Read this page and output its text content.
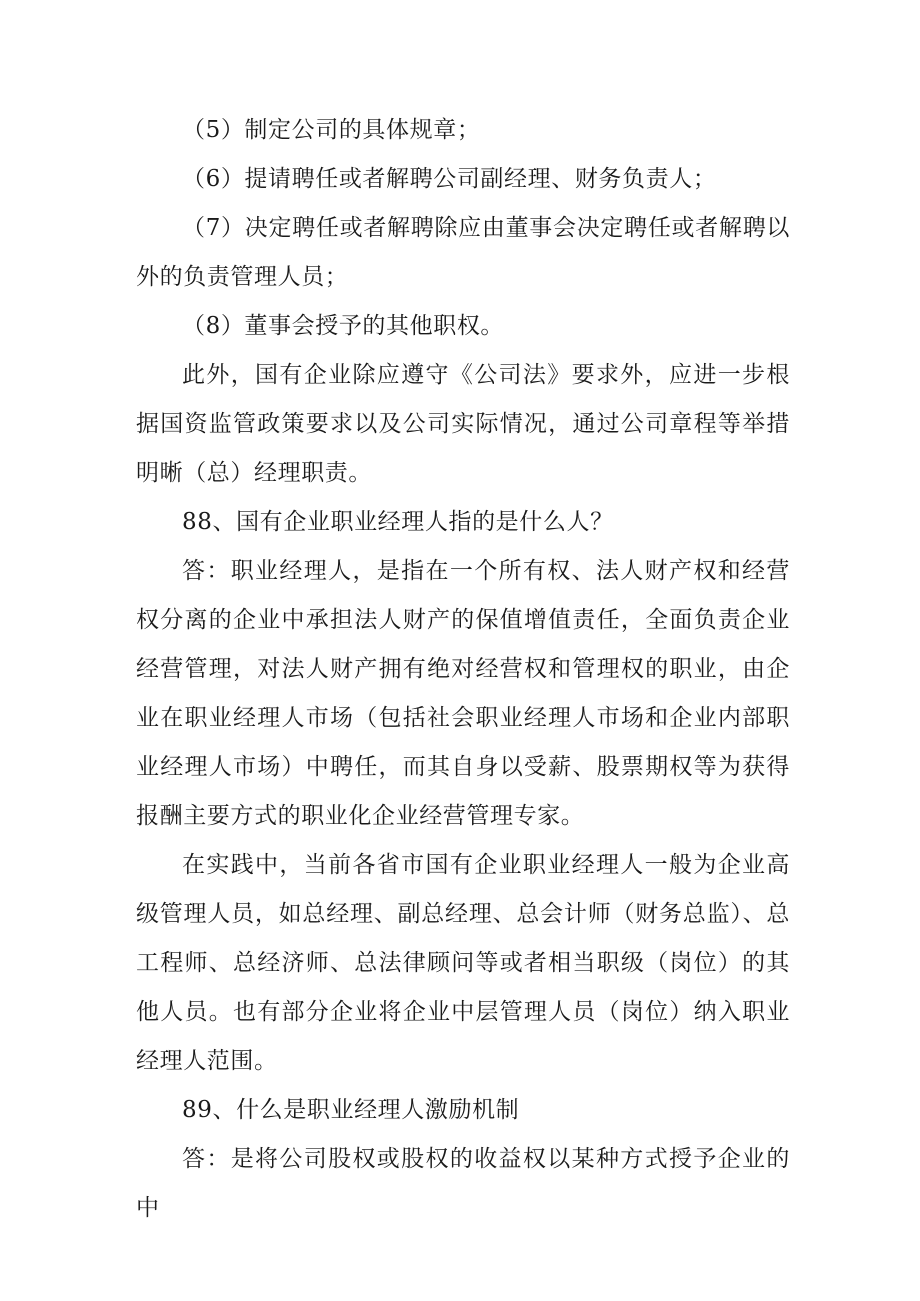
（5）制定公司的具体规章；

（6）提请聘任或者解聘公司副经理、财务负责人；

（7）决定聘任或者解聘除应由董事会决定聘任或者解聘以外的负责管理人员；

（8）董事会授予的其他职权。

此外，国有企业除应遵守《公司法》要求外，应进一步根据国资监管政策要求以及公司实际情况，通过公司章程等举措明晰（总）经理职责。

88、国有企业职业经理人指的是什么人？

答：职业经理人，是指在一个所有权、法人财产权和经营权分离的企业中承担法人财产的保值增值责任，全面负责企业经营管理，对法人财产拥有绝对经营权和管理权的职业，由企业在职业经理人市场（包括社会职业经理人市场和企业内部职业经理人市场）中聘任，而其自身以受薪、股票期权等为获得报酬主要方式的职业化企业经营管理专家。

在实践中，当前各省市国有企业职业经理人一般为企业高级管理人员，如总经理、副总经理、总会计师（财务总监）、总工程师、总经济师、总法律顾问等或者相当职级（岗位）的其他人员。也有部分企业将企业中层管理人员（岗位）纳入职业经理人范围。

89、什么是职业经理人激励机制

答：是将公司股权或股权的收益权以某种方式授予企业的中
